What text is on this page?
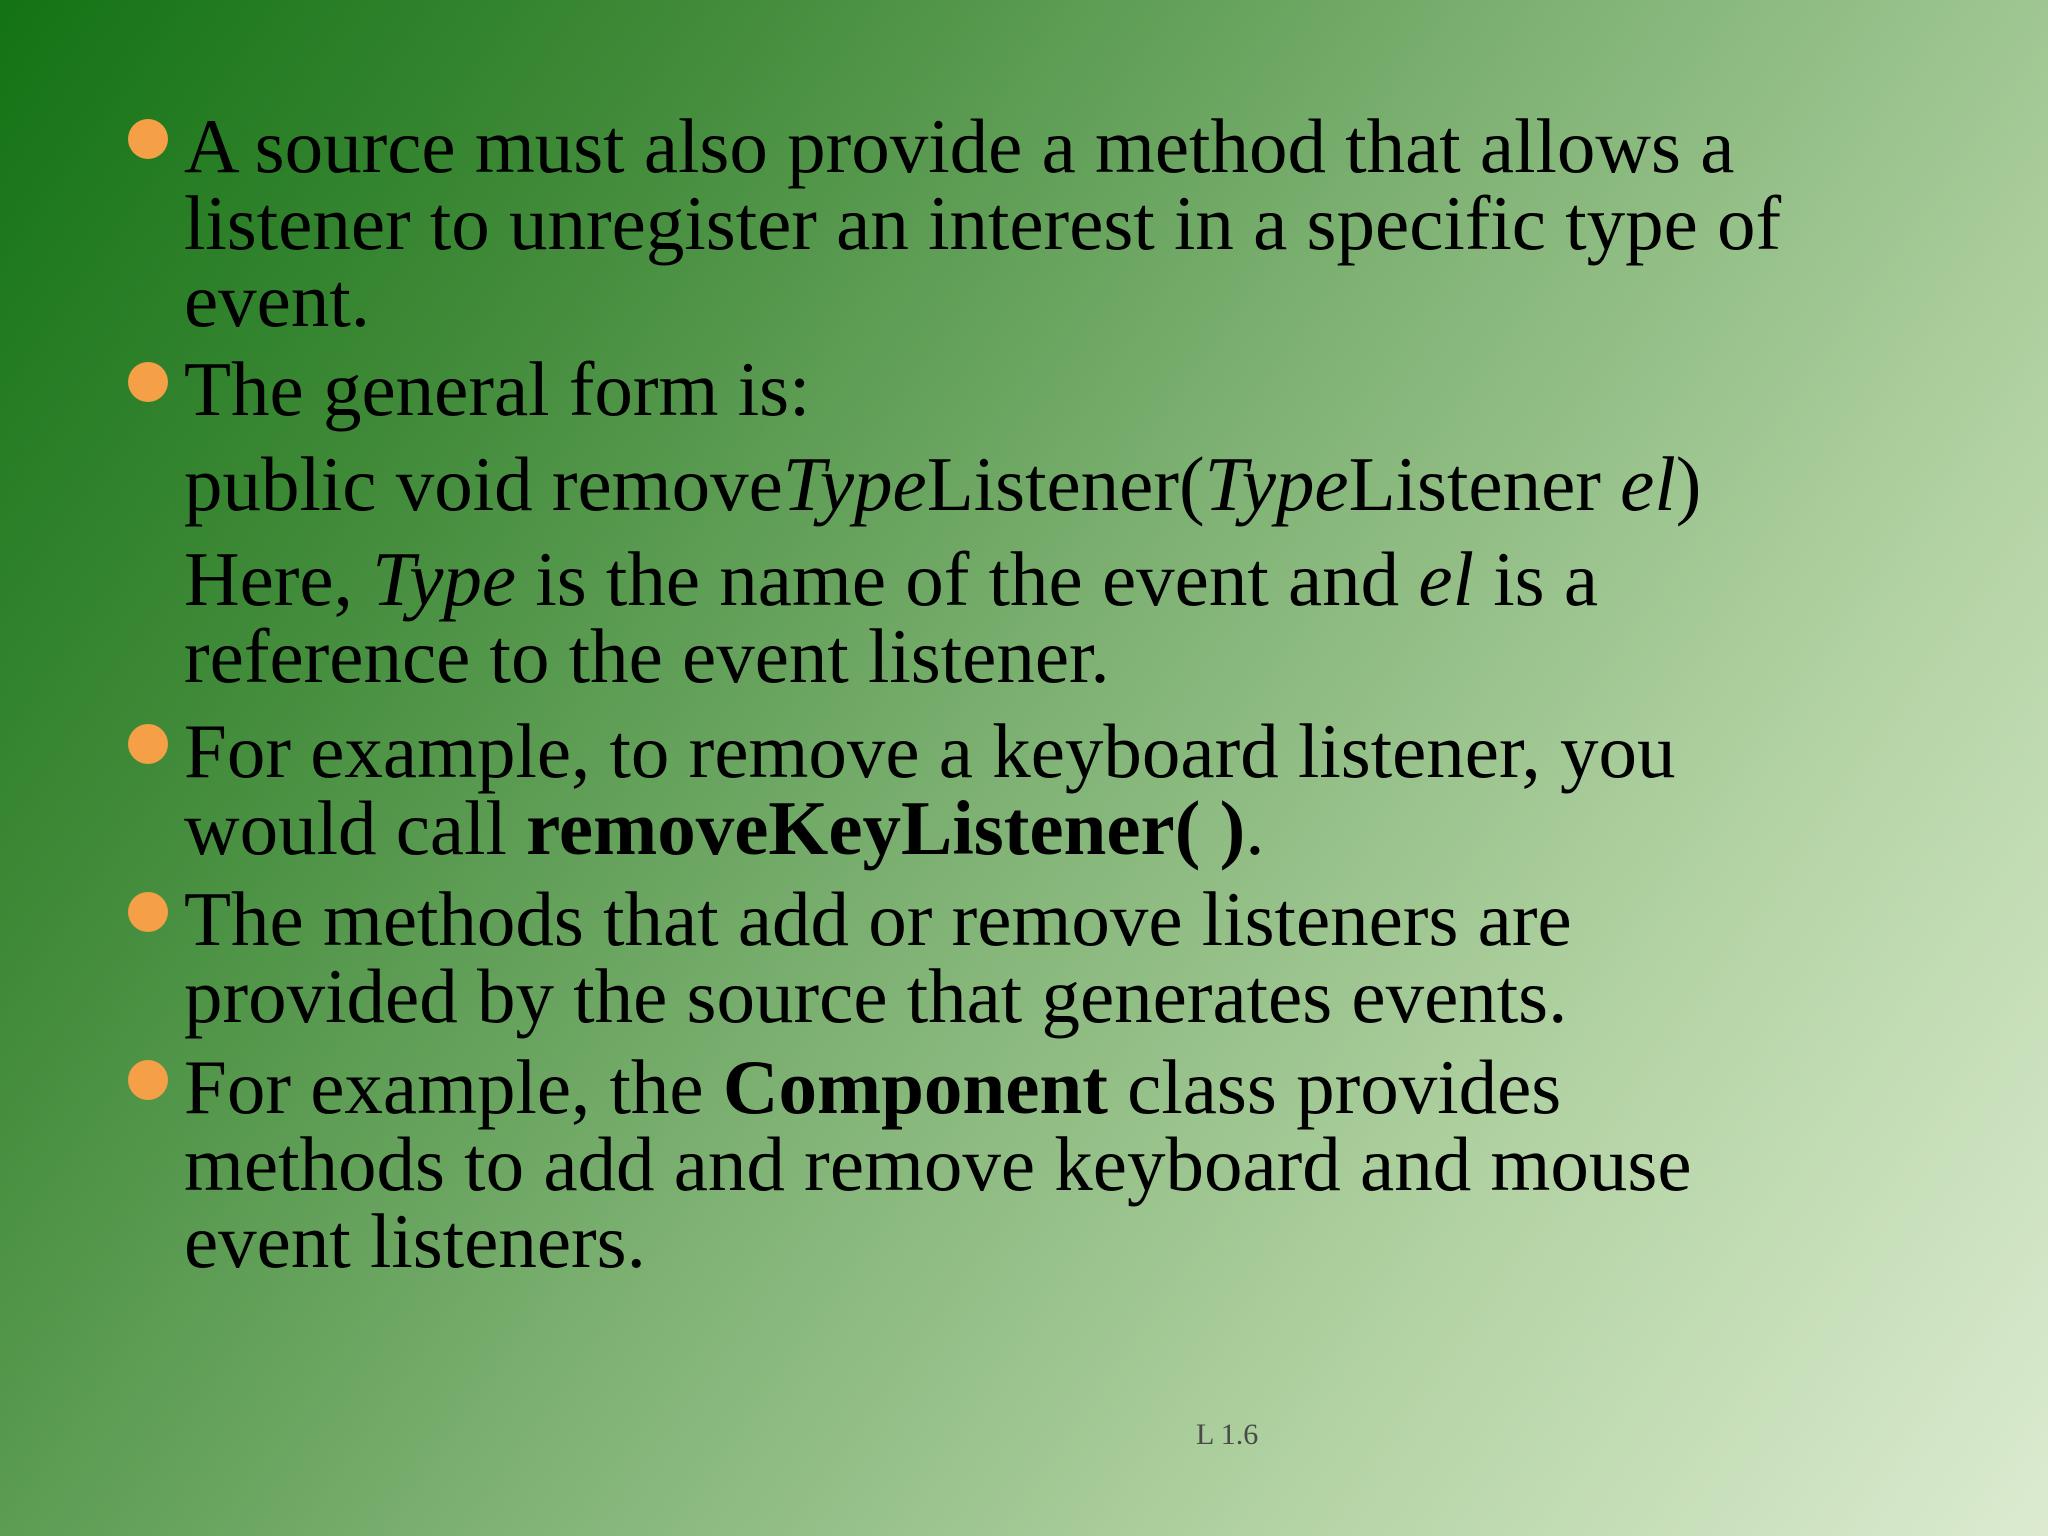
A source must also provide a method that allows a
listener to unregister an interest in a specific type of
event.

The general form is:

public void removeTypeListener(TypeListener el)

Here, Type is the name of the event and el is a
reference to the event listener.

For example, to remove a keyboard listener, you
would call removeKeyListener( ).

The methods that add or remove listeners are
provided by the source that generates events.

For example, the Component class provides
methods to add and remove keyboard and mouse
event listeners.

L 1.6
